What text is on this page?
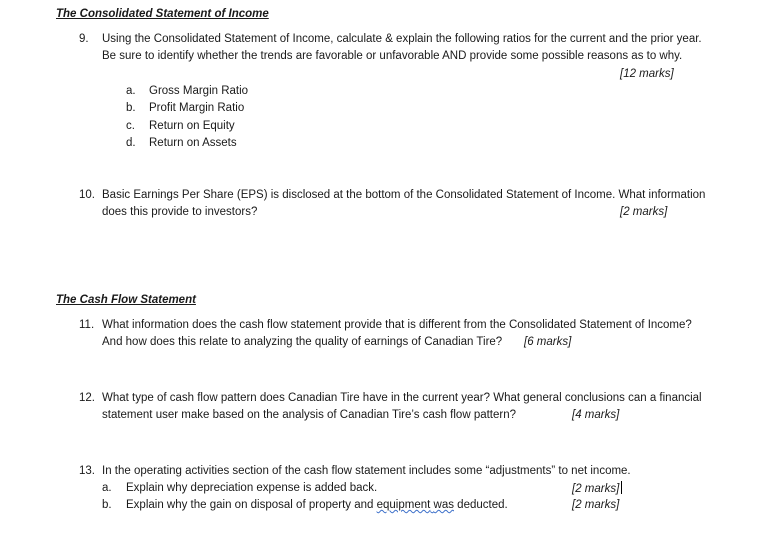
The Consolidated Statement of Income
9. Using the Consolidated Statement of Income, calculate & explain the following ratios for the current and the prior year.
Be sure to identify whether the trends are favorable or unfavorable AND provide some possible reasons as to why.
[12 marks]
a. Gross Margin Ratio
b. Profit Margin Ratio
c. Return on Equity
d. Return on Assets
10. Basic Earnings Per Share (EPS) is disclosed at the bottom of the Consolidated Statement of Income. What information
does this provide to investors?	[2 marks]
The Cash Flow Statement
11. What information does the cash flow statement provide that is different from the Consolidated Statement of Income?
And how does this relate to analyzing the quality of earnings of Canadian Tire? [6 marks]
12. What type of cash flow pattern does Canadian Tire have in the current year? What general conclusions can a financial
statement user make based on the analysis of Canadian Tire’s cash flow pattern?	[4 marks]
13. In the operating activities section of the cash flow statement includes some “adjustments” to net income.
a. Explain why depreciation expense is added back.	[2 marks]
b. Explain why the gain on disposal of property and equipment was deducted.	[2 marks]
